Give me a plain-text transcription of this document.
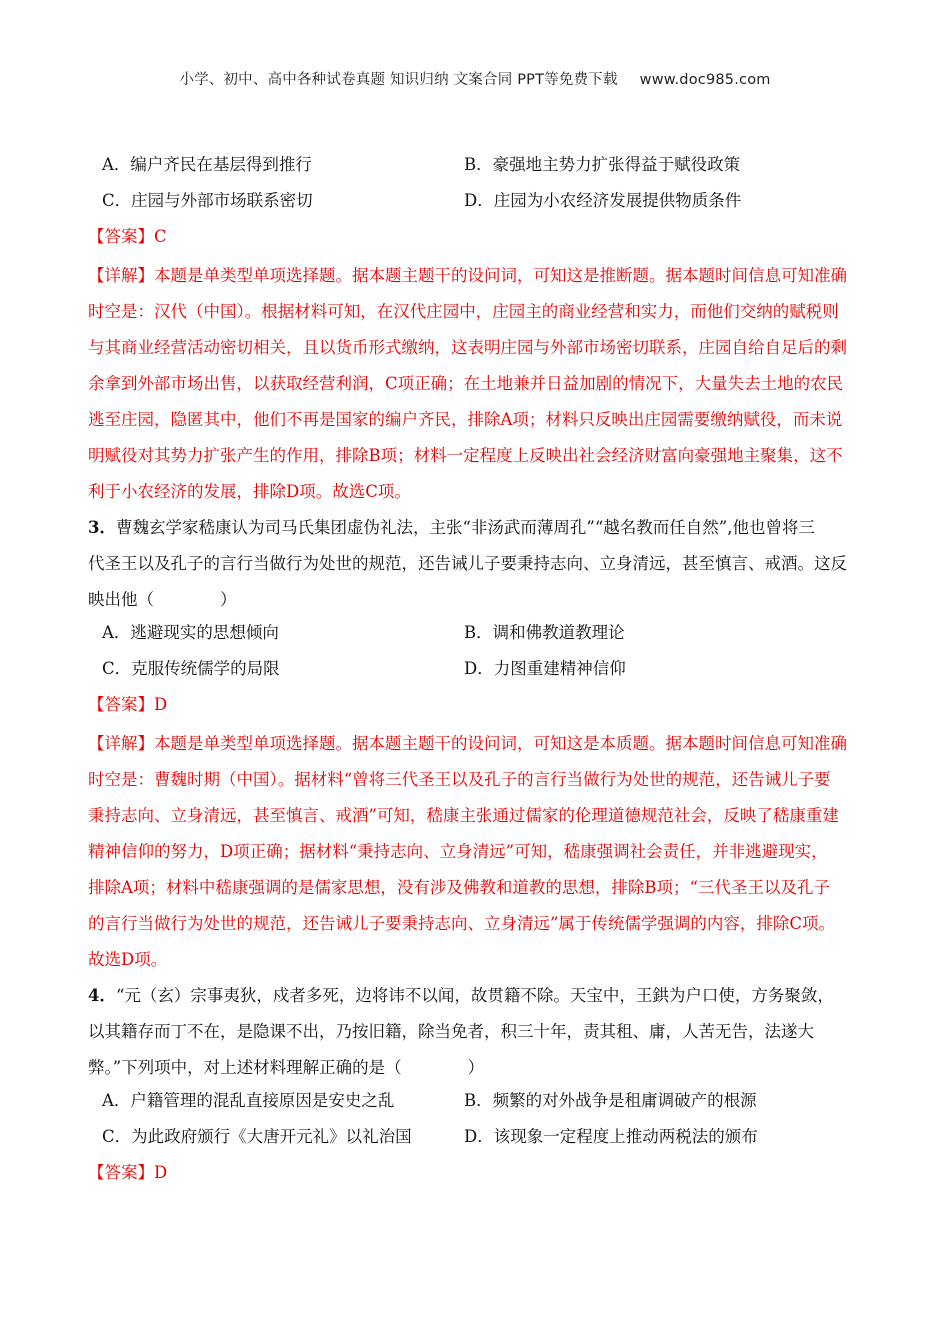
小学、初中、高中各种试卷真题 知识归纳 文案合同 PPT等免费下载 www.doc985.com
A．编户齐民在基层得到推行	B．豪强地主势力扩张得益于赋役政策
C．庄园与外部市场联系密切	D．庄园为小农经济发展提供物质条件
【答案】C
【详解】本题是单类型单项选择题。据本题主题干的设问词，可知这是推断题。据本题时间信息可知准确
时空是：汉代（中国）。根据材料可知，在汉代庄园中，庄园主的商业经营和实力，而他们交纳的赋税则
与其商业经营活动密切相关，且以货币形式缴纳，这表明庄园与外部市场密切联系，庄园自给自足后的剩
余拿到外部市场出售，以获取经营利润，C项正确；在土地兼并日益加剧的情况下，大量失去土地的农民
逃至庄园，隐匿其中，他们不再是国家的编户齐民，排除A项；材料只反映出庄园需要缴纳赋役，而未说
明赋役对其势力扩张产生的作用，排除B项；材料一定程度上反映出社会经济财富向豪强地主聚集，这不
利于小农经济的发展，排除D项。故选C项。
3．曹魏玄学家嵇康认为司马氏集团虚伪礼法，主张“非汤武而薄周孔”“越名教而任自然”,他也曾将三
代圣王以及孔子的言行当做行为处世的规范，还告诫儿子要秉持志向、立身清远，甚至慎言、戒酒。这反
映出他（　　　　）
A．逃避现实的思想倾向	B．调和佛教道教理论
C．克服传统儒学的局限	D．力图重建精神信仰
【答案】D
【详解】本题是单类型单项选择题。据本题主题干的设问词，可知这是本质题。据本题时间信息可知准确
时空是：曹魏时期（中国）。据材料“曾将三代圣王以及孔子的言行当做行为处世的规范，还告诫儿子要
秉持志向、立身清远，甚至慎言、戒酒”可知，嵇康主张通过儒家的伦理道德规范社会，反映了嵇康重建
精神信仰的努力，D项正确；据材料“秉持志向、立身清远”可知，嵇康强调社会责任，并非逃避现实，
排除A项；材料中嵇康强调的是儒家思想，没有涉及佛教和道教的思想，排除B项；“三代圣王以及孔子
的言行当做行为处世的规范，还告诫儿子要秉持志向、立身清远”属于传统儒学强调的内容，排除C项。
故选D项。
4．“元（玄）宗事夷狄，戍者多死，边将讳不以闻，故贯籍不除。天宝中，王鉷为户口使，方务聚敛，
以其籍存而丁不在，是隐课不出，乃按旧籍，除当免者，积三十年，责其租、庸，人苦无告，法遂大
弊。”下列项中，对上述材料理解正确的是（　　　　）
A．户籍管理的混乱直接原因是安史之乱	B．频繁的对外战争是租庸调破产的根源
C．为此政府颁行《大唐开元礼》以礼治国	D．该现象一定程度上推动两税法的颁布
【答案】D
